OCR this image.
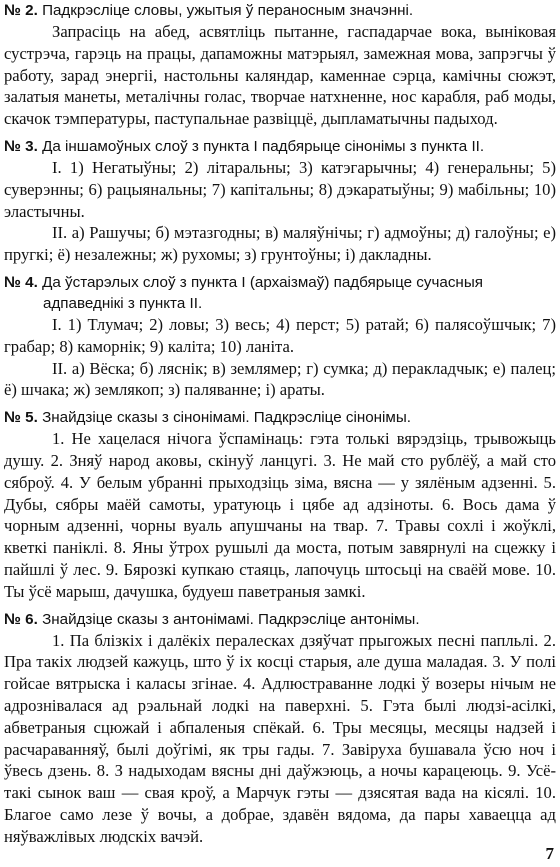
№ 2. Падкрэсліце словы, ужытыя ў пераносным значэнні.

Запрасіць на абед, асвятліць пытанне, гаспадарчае вока, выніковая сустрэча, гарэць на працы, дапаможны матэрыял, замежная мова, запрэгчы ў работу, зарад энергіі, настольны каляндар, каменнае сэрца, камічны сюжэт, залатыя манеты, металічны голас, творчае натхненне, нос карабля, раб моды, скачок тэмпературы, паступальнае развіццё, дыпламатычны падыход.

№ 3. Да іншамоўных слоў з пункта I падбярыце сінонімы з пункта II.

I. 1) Негатыўны; 2) літаральны; 3) катэгарычны; 4) генеральны; 5) суверэнны; 6) рацыянальны; 7) капітальны; 8) дэкаратыўны; 9) мабільны; 10) эластычны.

II. а) Рашучы; б) мэтазгодны; в) маляўнічы; г) адмоўны; д) галоўны; е) пругкі; ё) незалежны; ж) рухомы; з) грунтоўны; і) дакладны.

№ 4. Да ўстарэлых слоў з пункта I (архаізмаў) падбярыце сучасныя адпаведнікі з пункта II.

I. 1) Тлумач; 2) ловы; 3) весь; 4) перст; 5) ратай; 6) палясоўшчык; 7) грабар; 8) каморнік; 9) каліта; 10) ланіта.

II. а) Вёска; б) ляснік; в) землямер; г) сумка; д) перакладчык; е) палец; ё) шчака; ж) землякоп; з) паляванне; і) араты.

№ 5. Знайдзіце сказы з сінонімамі. Падкрэсліце сінонімы.

1. Не хацелася нічога ўспамінаць: гэта толькі вярэдзіць, трывожыць душу. 2. Зняў народ аковы, скінуў ланцугі. 3. Не май сто рублёў, а май сто сяброў. 4. У белым убранні прыходзіць зіма, вясна — у зялёным адзенні. 5. Дубы, сябры маёй самоты, уратуюць і цябе ад адзіноты. 6. Вось дама ў чорным адзенні, чорны вуаль апушчаны на твар. 7. Травы сохлі і жоўклі, кветкі паніклі. 8. Яны ўтрох рушылі да моста, потым завярнулі на сцежку і пайшлі ў лес. 9. Бярозкі купкаю стаяць, лапочуць штосьці на сваёй мове. 10. Ты ўсё марыш, дачушка, будуеш паветраныя замкі.

№ 6. Знайдзіце сказы з антонімамі. Падкрэсліце антонімы.

1. Па блізкіх і далёкіх пералесках дзяўчат прыгожых песні папльлі. 2. Пра такіх людзей кажуць, што ў іх косці старыя, але душа маладая. 3. У полі гойсае вятрыска і каласы згінае. 4. Адлюстраванне лодкі ў возеры нічым не адрознівалася ад рэальнай лодкі на паверхні. 5. Гэта былі людзі-асілкі, абветраныя сцюжай і абпаленыя спёкай. 6. Тры месяцы, месяцы надзей і расчараванняў, былі доўгімі, як тры гады. 7. Завіруха бушавала ўсю ноч і ўвесь дзень. 8. З надыходам вясны дні даўжэюць, а ночы карацеюць. 9. Усё-такі сынок ваш — свая кроў, а Марчук гэты — дзясятая вада на кісялі. 10. Благое само лезе ў вочы, а добрае, здавён вядома, да пары хаваецца ад няўважлівых людскіх вачэй.

7
